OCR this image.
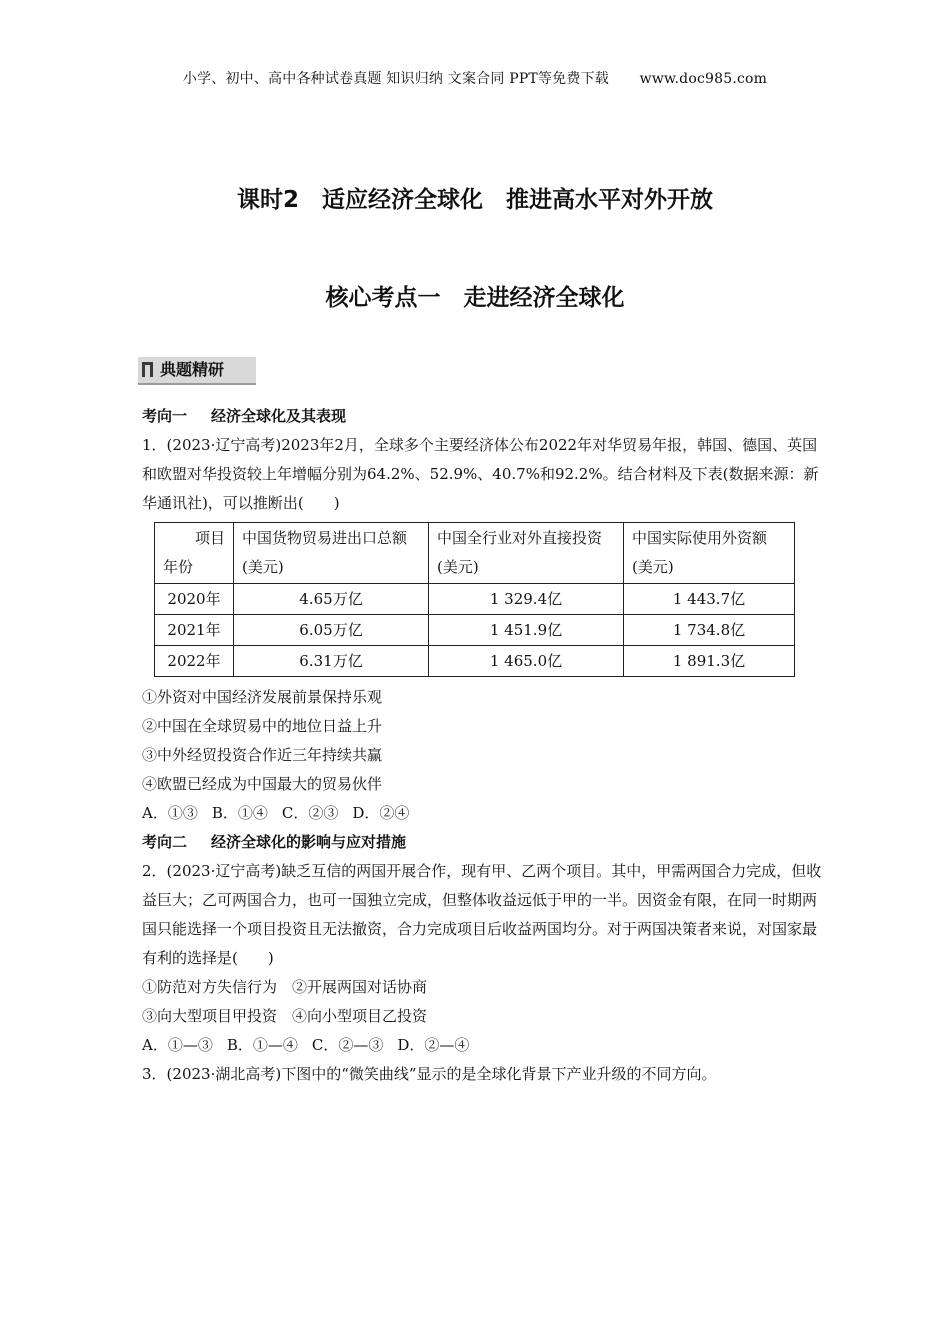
小学、初中、高中各种试卷真题 知识归纳 文案合同 PPT等免费下载 www.doc985.com
课时2　适应经济全球化　推进高水平对外开放
核心考点一　走进经济全球化
典题精研

考向一 经济全球化及其表现

1．(2023·辽宁高考)2023年2月，全球多个主要经济体公布2022年对华贸易年报，韩国、德国、英国和欧盟对华投资较上年增幅分别为64.2%、52.9%、40.7%和92.2%。结合材料及下表(数据来源：新华通讯社)，可以推断出(　　)

项目
年份	中国货物贸易进出口总额(美元)	中国全行业对外直接投资(美元)	中国实际使用外资额(美元)
2020年	4.65万亿	1 329.4亿	1 443.7亿
2021年	6.05万亿	1 451.9亿	1 734.8亿
2022年	6.31万亿	1 465.0亿	1 891.3亿

①外资对中国经济发展前景保持乐观

②中国在全球贸易中的地位日益上升

③中外经贸投资合作近三年持续共赢

④欧盟已经成为中国最大的贸易伙伴

A．①③ B．①④ C．②③ D．②④

考向二 经济全球化的影响与应对措施

2．(2023·辽宁高考)缺乏互信的两国开展合作，现有甲、乙两个项目。其中，甲需两国合力完成，但收益巨大；乙可两国合力，也可一国独立完成，但整体收益远低于甲的一半。因资金有限，在同一时期两国只能选择一个项目投资且无法撤资，合力完成项目后收益两国均分。对于两国决策者来说，对国家最有利的选择是(　　)

①防范对方失信行为　②开展两国对话协商

③向大型项目甲投资　④向小型项目乙投资

A．①—③ B．①—④ C．②—③ D．②—④

3．(2023·湖北高考)下图中的“微笑曲线”显示的是全球化背景下产业升级的不同方向。
